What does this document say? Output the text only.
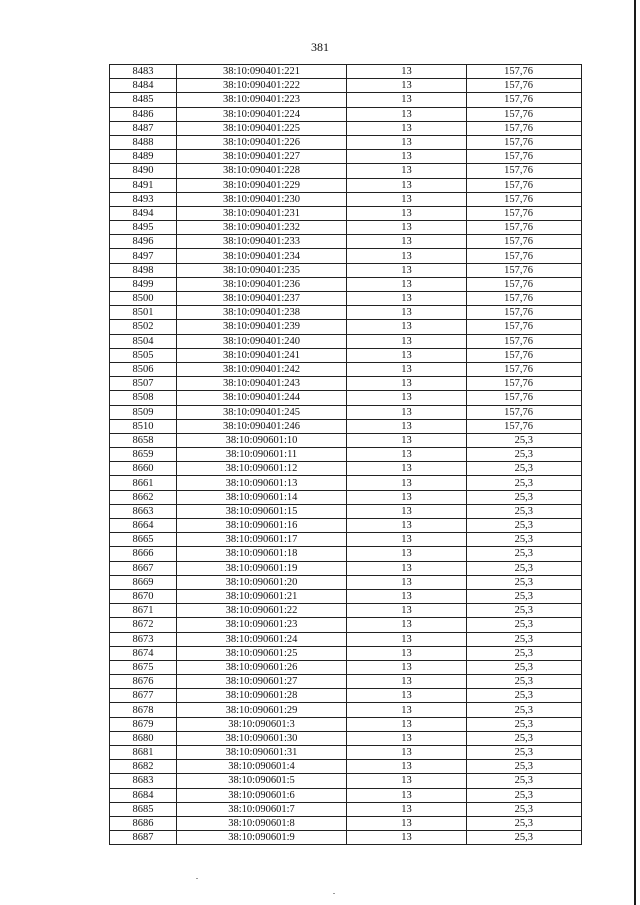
381
8483	38:10:090401:221	13	157,76
8484	38:10:090401:222	13	157,76
8485	38:10:090401:223	13	157,76
8486	38:10:090401:224	13	157,76
8487	38:10:090401:225	13	157,76
8488	38:10:090401:226	13	157,76
8489	38:10:090401:227	13	157,76
8490	38:10:090401:228	13	157,76
8491	38:10:090401:229	13	157,76
8493	38:10:090401:230	13	157,76
8494	38:10:090401:231	13	157,76
8495	38:10:090401:232	13	157,76
8496	38:10:090401:233	13	157,76
8497	38:10:090401:234	13	157,76
8498	38:10:090401:235	13	157,76
8499	38:10:090401:236	13	157,76
8500	38:10:090401:237	13	157,76
8501	38:10:090401:238	13	157,76
8502	38:10:090401:239	13	157,76
8504	38:10:090401:240	13	157,76
8505	38:10:090401:241	13	157,76
8506	38:10:090401:242	13	157,76
8507	38:10:090401:243	13	157,76
8508	38:10:090401:244	13	157,76
8509	38:10:090401:245	13	157,76
8510	38:10:090401:246	13	157,76
8658	38:10:090601:10	13	25,3
8659	38:10:090601:11	13	25,3
8660	38:10:090601:12	13	25,3
8661	38:10:090601:13	13	25,3
8662	38:10:090601:14	13	25,3
8663	38:10:090601:15	13	25,3
8664	38:10:090601:16	13	25,3
8665	38:10:090601:17	13	25,3
8666	38:10:090601:18	13	25,3
8667	38:10:090601:19	13	25,3
8669	38:10:090601:20	13	25,3
8670	38:10:090601:21	13	25,3
8671	38:10:090601:22	13	25,3
8672	38:10:090601:23	13	25,3
8673	38:10:090601:24	13	25,3
8674	38:10:090601:25	13	25,3
8675	38:10:090601:26	13	25,3
8676	38:10:090601:27	13	25,3
8677	38:10:090601:28	13	25,3
8678	38:10:090601:29	13	25,3
8679	38:10:090601:3	13	25,3
8680	38:10:090601:30	13	25,3
8681	38:10:090601:31	13	25,3
8682	38:10:090601:4	13	25,3
8683	38:10:090601:5	13	25,3
8684	38:10:090601:6	13	25,3
8685	38:10:090601:7	13	25,3
8686	38:10:090601:8	13	25,3
8687	38:10:090601:9	13	25,3
